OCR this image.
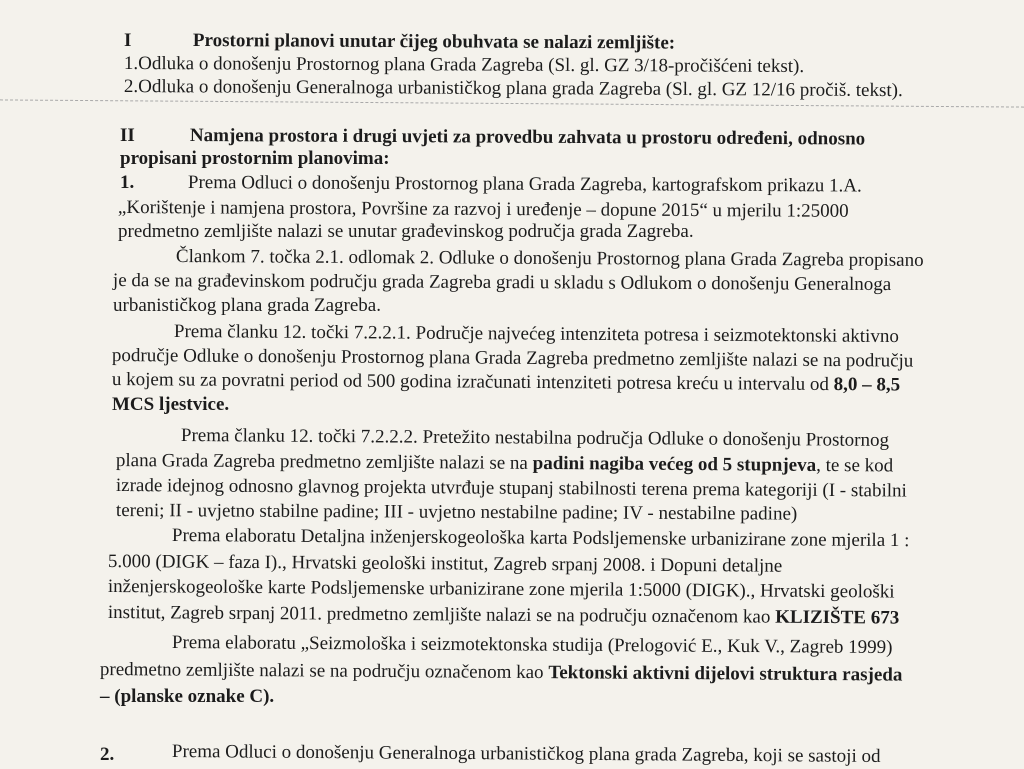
I	Prostorni planovi unutar čijeg obuhvata se nalazi zemljište:
1.Odluka o donošenju Prostornog plana Grada Zagreba (Sl. gl. GZ 3/18-pročišćeni tekst).
2.Odluka o donošenju Generalnoga urbanističkog plana grada Zagreba (Sl. gl. GZ 12/16 pročiš. tekst).
II	Namjena prostora i drugi uvjeti za provedbu zahvata u prostoru određeni, odnosno
propisani prostornim planovima:
1.	Prema Odluci o donošenju Prostornog plana Grada Zagreba, kartografskom prikazu 1.A.
„Korištenje i namjena prostora, Površine za razvoj i uređenje – dopune 2015“ u mjerilu 1:25000
predmetno zemljište nalazi se unutar građevinskog područja grada Zagreba.
Člankom 7. točka 2.1. odlomak 2. Odluke o donošenju Prostornog plana Grada Zagreba propisano
je da se na građevinskom području grada Zagreba gradi u skladu s Odlukom o donošenju Generalnoga
urbanističkog plana grada Zagreba.
Prema članku 12. točki 7.2.2.1. Područje najvećeg intenziteta potresa i seizmotektonski aktivno
područje Odluke o donošenju Prostornog plana Grada Zagreba predmetno zemljište nalazi se na području
u kojem su za povratni period od 500 godina izračunati intenziteti potresa kreću u intervalu od 8,0 – 8,5
MCS ljestvice.
Prema članku 12. točki 7.2.2.2. Pretežito nestabilna područja Odluke o donošenju Prostornog
plana Grada Zagreba predmetno zemljište nalazi se na padini nagiba većeg od 5 stupnjeva, te se kod
izrade idejnog odnosno glavnog projekta utvrđuje stupanj stabilnosti terena prema kategoriji (I - stabilni
tereni; II - uvjetno stabilne padine; III - uvjetno nestabilne padine; IV - nestabilne padine)
Prema elaboratu Detaljna inženjerskogeološka karta Podsljemenske urbanizirane zone mjerila 1 :
5.000 (DIGK – faza I)., Hrvatski geološki institut, Zagreb srpanj 2008. i Dopuni detaljne
inženjerskogeološke karte Podsljemenske urbanizirane zone mjerila 1:5000 (DIGK)., Hrvatski geološki
institut, Zagreb srpanj 2011. predmetno zemljište nalazi se na području označenom kao KLIZIŠTE 673
Prema elaboratu „Seizmološka i seizmotektonska studija (Prelogović E., Kuk V., Zagreb 1999)
predmetno zemljište nalazi se na području označenom kao Tektonski aktivni dijelovi struktura rasjeda
– (planske oznake C).
2.	Prema Odluci o donošenju Generalnoga urbanističkog plana grada Zagreba, koji se sastoji od
